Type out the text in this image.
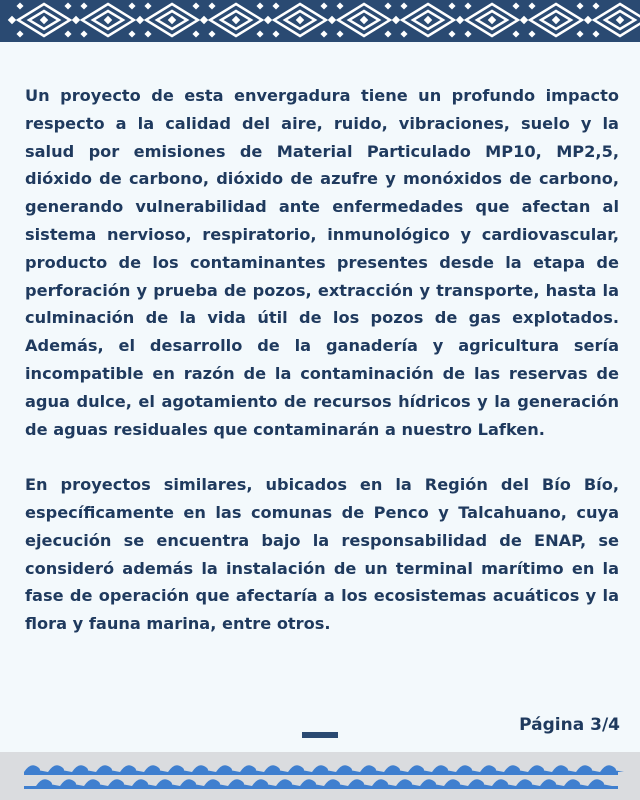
Un proyecto de esta envergadura tiene un profundo impacto respecto a la calidad del aire, ruido, vibraciones, suelo y la salud por emisiones de Material Particulado MP10, MP2,5, dióxido de carbono, dióxido de azufre y monóxidos de carbono, generando vulnerabilidad ante enfermedades que afectan al sistema nervioso, respiratorio, inmunológico y cardiovascular, producto de los contaminantes presentes desde la etapa de perforación y prueba de pozos, extracción y transporte, hasta la culminación de la vida útil de los pozos de gas explotados. Además, el desarrollo de la ganadería y agricultura sería incompatible en razón de la contaminación de las reservas de agua dulce, el agotamiento de recursos hídricos y la generación de aguas residuales que contaminarán a nuestro Lafken.

En proyectos similares, ubicados en la Región del Bío Bío, específicamente en las comunas de Penco y Talcahuano, cuya ejecución se encuentra bajo la responsabilidad de ENAP, se consideró además la instalación de un terminal marítimo en la fase de operación que afectaría a los ecosistemas acuáticos y la flora y fauna marina, entre otros.

Página 3/4
